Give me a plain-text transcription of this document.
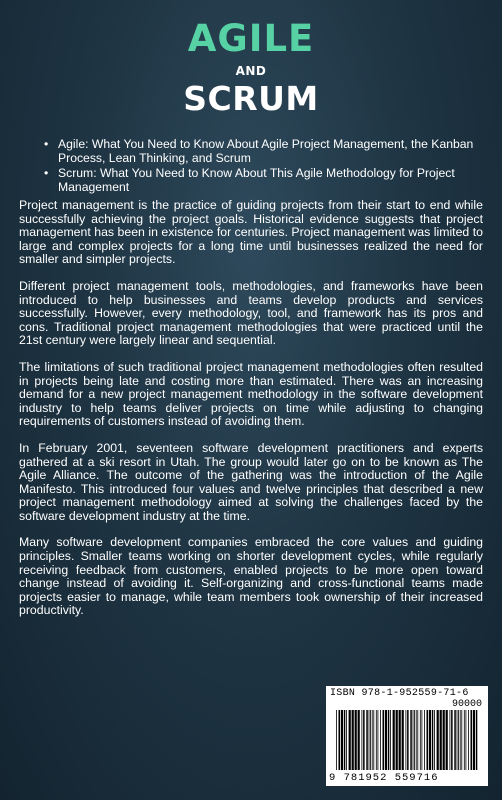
AGILE
AND
SCRUM
• Agile: What You Need to Know About Agile Project Management, the Kanban Process, Lean Thinking, and Scrum
• Scrum: What You Need to Know About This Agile Methodology for Project Management

Project management is the practice of guiding projects from their start to end while successfully achieving the project goals. Historical evidence suggests that project management has been in existence for centuries. Project management was limited to large and complex projects for a long time until businesses realized the need for smaller and simpler projects.

Different project management tools, methodologies, and frameworks have been introduced to help businesses and teams develop products and services successfully. However, every methodology, tool, and framework has its pros and cons. Traditional project management methodologies that were practiced until the 21st century were largely linear and sequential.

The limitations of such traditional project management methodologies often resulted in projects being late and costing more than estimated. There was an increasing demand for a new project management methodology in the software development industry to help teams deliver projects on time while adjusting to changing requirements of customers instead of avoiding them.

In February 2001, seventeen software development practitioners and experts gathered at a ski resort in Utah. The group would later go on to be known as The Agile Alliance. The outcome of the gathering was the introduction of the Agile Manifesto. This introduced four values and twelve principles that described a new project management methodology aimed at solving the challenges faced by the software development industry at the time.

Many software development companies embraced the core values and guiding principles. Smaller teams working on shorter development cycles, while regularly receiving feedback from customers, enabled projects to be more open toward change instead of avoiding it. Self-organizing and cross-functional teams made projects easier to manage, while team members took ownership of their increased productivity.

ISBN 978-1-952559-71-6
90000
9 781952 559716
